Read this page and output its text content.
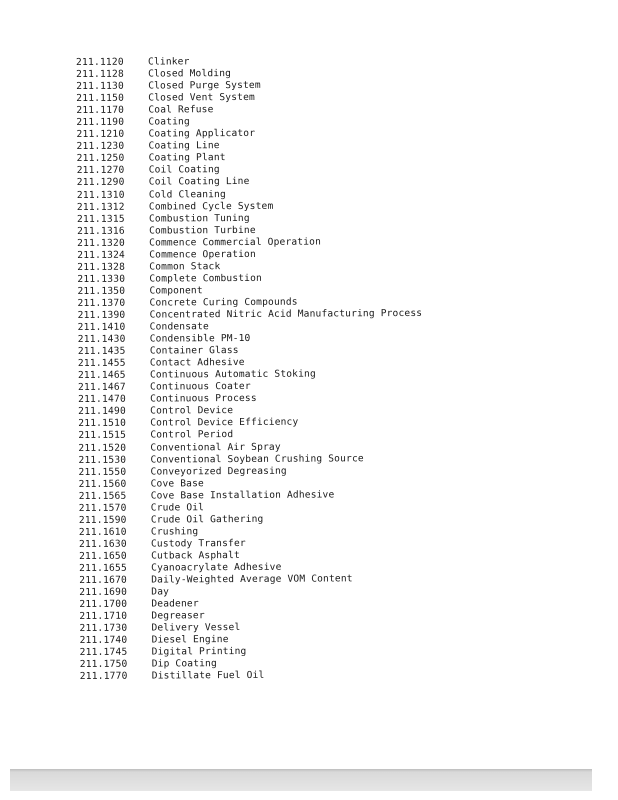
211.1120	Clinker
211.1128	Closed Molding
211.1130	Closed Purge System
211.1150	Closed Vent System
211.1170	Coal Refuse
211.1190	Coating
211.1210	Coating Applicator
211.1230	Coating Line
211.1250	Coating Plant
211.1270	Coil Coating
211.1290	Coil Coating Line
211.1310	Cold Cleaning
211.1312	Combined Cycle System
211.1315	Combustion Tuning
211.1316	Combustion Turbine
211.1320	Commence Commercial Operation
211.1324	Commence Operation
211.1328	Common Stack
211.1330	Complete Combustion
211.1350	Component
211.1370	Concrete Curing Compounds
211.1390	Concentrated Nitric Acid Manufacturing Process
211.1410	Condensate
211.1430	Condensible PM-10
211.1435	Container Glass
211.1455	Contact Adhesive
211.1465	Continuous Automatic Stoking
211.1467	Continuous Coater
211.1470	Continuous Process
211.1490	Control Device
211.1510	Control Device Efficiency
211.1515	Control Period
211.1520	Conventional Air Spray
211.1530	Conventional Soybean Crushing Source
211.1550	Conveyorized Degreasing
211.1560	Cove Base
211.1565	Cove Base Installation Adhesive
211.1570	Crude Oil
211.1590	Crude Oil Gathering
211.1610	Crushing
211.1630	Custody Transfer
211.1650	Cutback Asphalt
211.1655	Cyanoacrylate Adhesive
211.1670	Daily-Weighted Average VOM Content
211.1690	Day
211.1700	Deadener
211.1710	Degreaser
211.1730	Delivery Vessel
211.1740	Diesel Engine
211.1745	Digital Printing
211.1750	Dip Coating
211.1770	Distillate Fuel Oil
